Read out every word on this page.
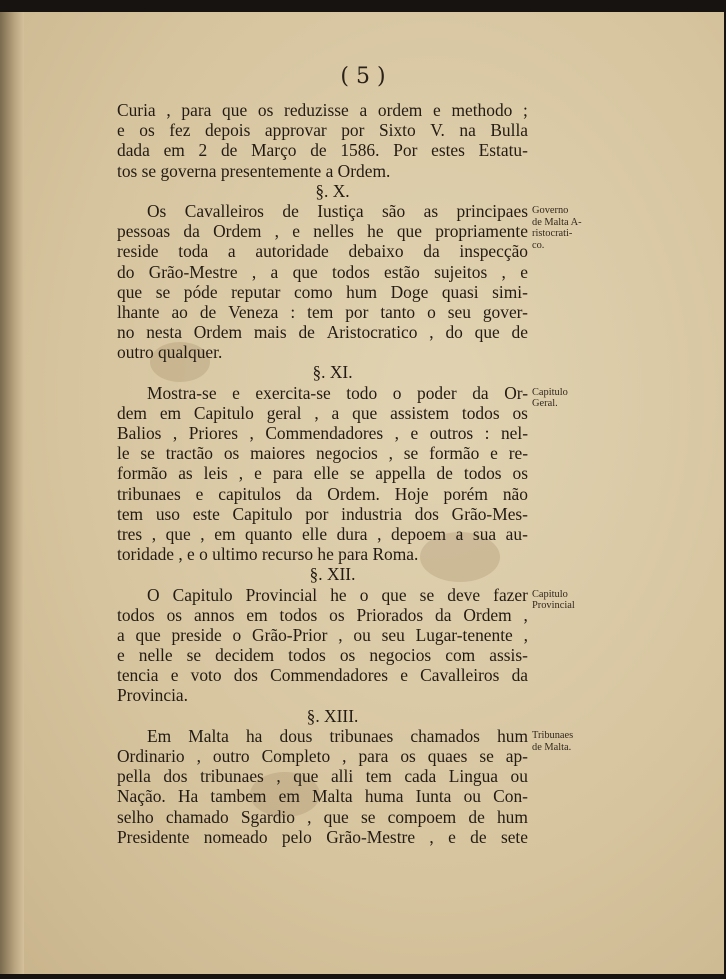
( 5 )
Curia , para que os reduzisse a ordem e methodo ;
e os fez depois approvar por Sixto V. na Bulla
dada em 2 de Março de 1586. Por estes Estatu-
tos se governa presentemente a Ordem.
§. X.
Os Cavalleiros de Iustiça são as principaes
pessoas da Ordem , e nelles he que propriamente
reside toda a autoridade debaixo da inspecção
do Grão-Mestre , a que todos estão sujeitos , e
que se póde reputar como hum Doge quasi simi-
lhante ao de Veneza : tem por tanto o seu gover-
no nesta Ordem mais de Aristocratico , do que de
outro qualquer.
§. XI.
Mostra-se e exercita-se todo o poder da Or-
dem em Capitulo geral , a que assistem todos os
Balios , Priores , Commendadores , e outros : nel-
le se tractão os maiores negocios , se formão e re-
formão as leis , e para elle se appella de todos os
tribunaes e capitulos da Ordem. Hoje porém não
tem uso este Capitulo por industria dos Grão-Mes-
tres , que , em quanto elle dura , depoem a sua au-
toridade , e o ultimo recurso he para Roma.
§. XII.
O Capitulo Provincial he o que se deve fazer
todos os annos em todos os Priorados da Ordem ,
a que preside o Grão-Prior , ou seu Lugar-tenente ,
e nelle se decidem todos os negocios com assis-
tencia e voto dos Commendadores e Cavalleiros da
Provincia.
§. XIII.
Em Malta ha dous tribunaes chamados hum
Ordinario , outro Completo , para os quaes se ap-
pella dos tribunaes , que alli tem cada Lingua ou
Nação. Ha tambem em Malta huma Iunta ou Con-
selho chamado Sgardio , que se compoem de hum
Presidente nomeado pelo Grão-Mestre , e de sete
Governo
de Malta A-
ristocrati-
co.
Capitulo
Geral.
Capitulo
Provincial
Tribunaes
de Malta.
